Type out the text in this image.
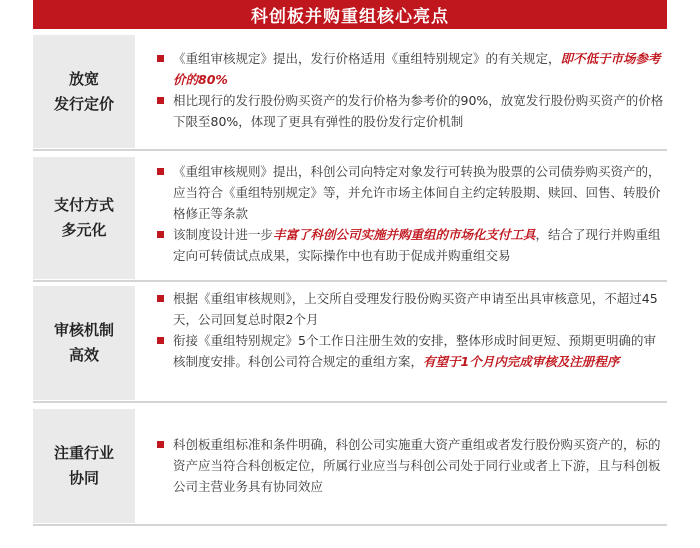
科创板并购重组核心亮点
放宽
发行定价
《重组审核规定》提出，发行价格适用《重组特别规定》的有关规定，即不低于市场参考价的80%
相比现行的发行股份购买资产的发行价格为参考价的90%，放宽发行股份购买资产的价格下限至80%，体现了更具有弹性的股份发行定价机制
支付方式
多元化
《重组审核规则》提出，科创公司向特定对象发行可转换为股票的公司债券购买资产的，应当符合《重组特别规定》等，并允许市场主体间自主约定转股期、赎回、回售、转股价格修正等条款
该制度设计进一步丰富了科创公司实施并购重组的市场化支付工具，结合了现行并购重组定向可转债试点成果，实际操作中也有助于促成并购重组交易
审核机制
高效
根据《重组审核规则》，上交所自受理发行股份购买资产申请至出具审核意见，不超过45天，公司回复总时限2个月
衔接《重组特别规定》5个工作日注册生效的安排，整体形成时间更短、预期更明确的审核制度安排。科创公司符合规定的重组方案，有望于1个月内完成审核及注册程序
注重行业
协同
科创板重组标准和条件明确，科创公司实施重大资产重组或者发行股份购买资产的，标的资产应当符合科创板定位，所属行业应当与科创公司处于同行业或者上下游，且与科创板公司主营业务具有协同效应
